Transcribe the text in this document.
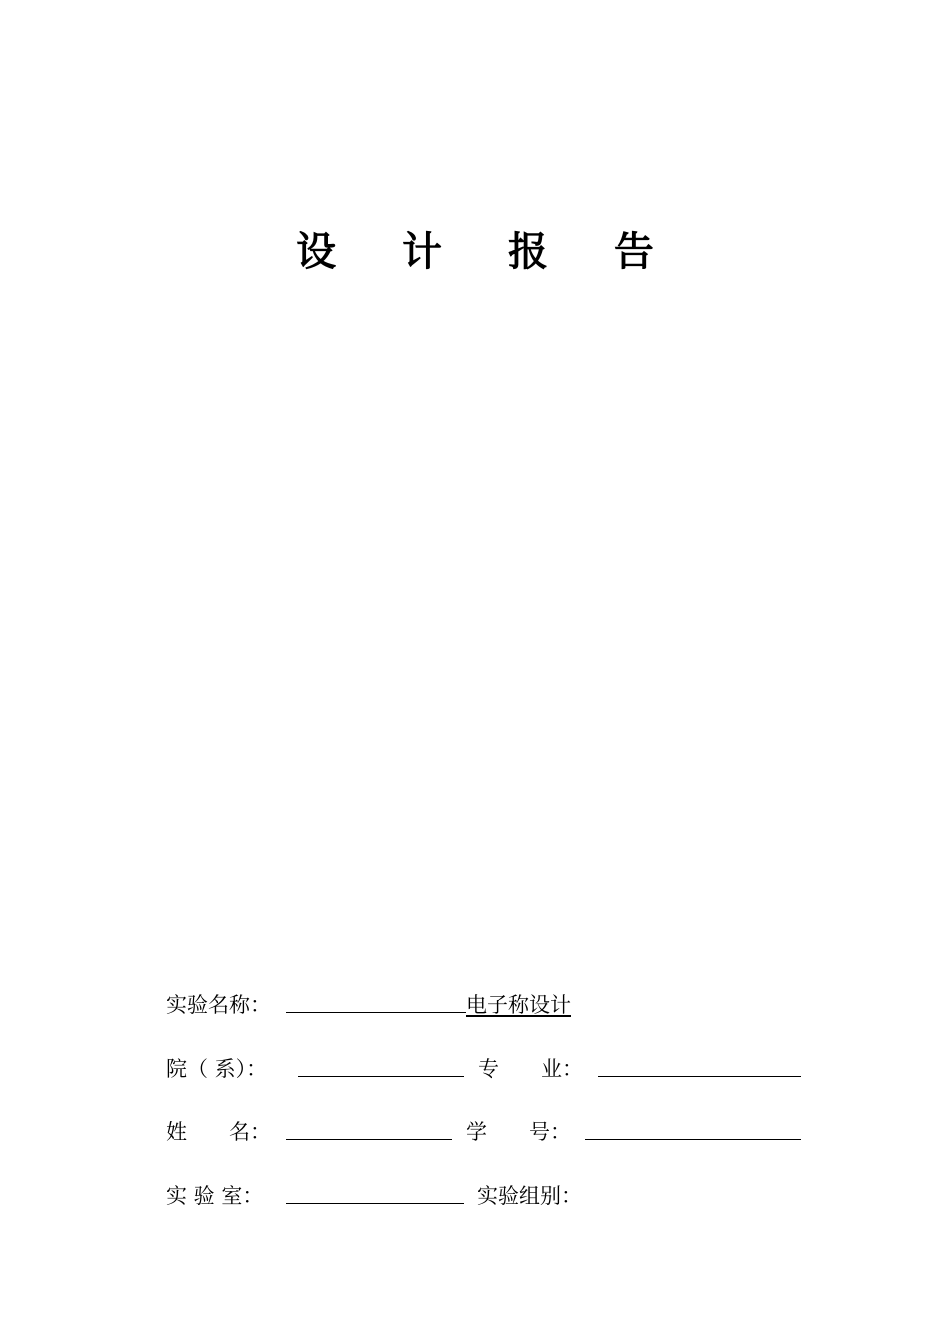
设 计 报 告
实验名称：	电子称设计
院（ 系）：	专　　业：
姓　　名：	学　　号：
实 验 室：	实验组别：
